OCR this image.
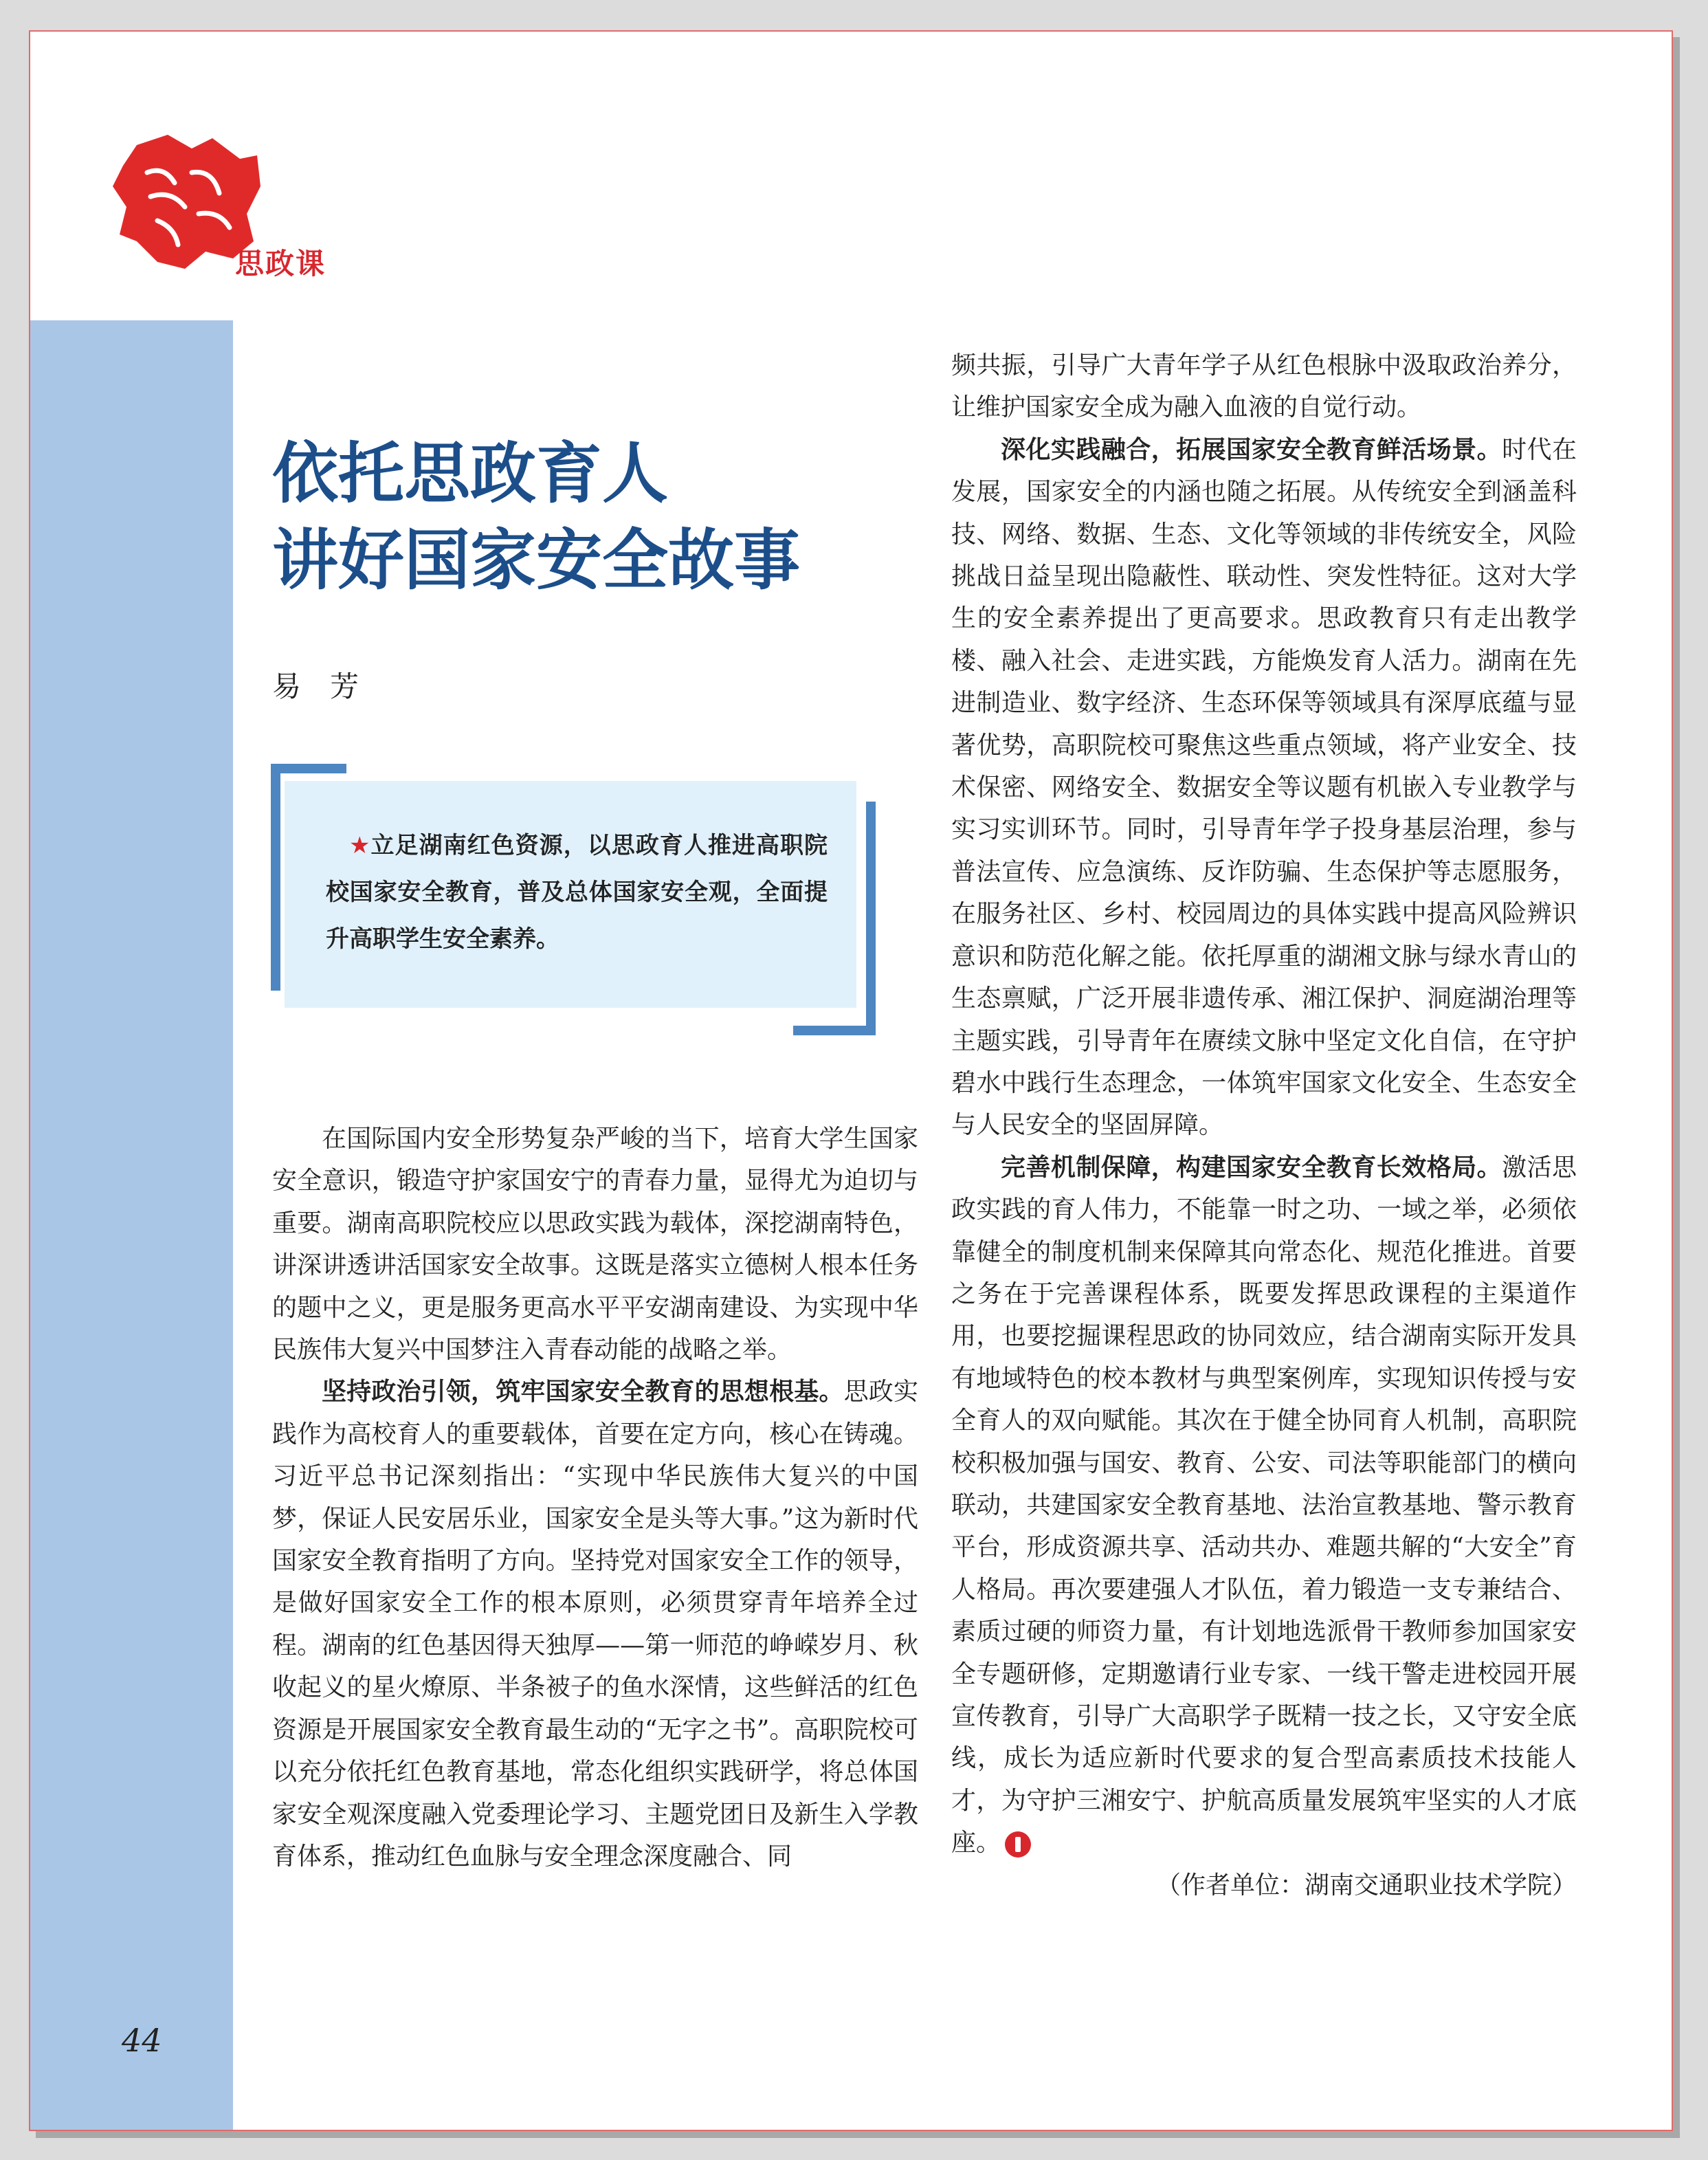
思政课
依托思政育人
讲好国家安全故事
易芳

★立足湖南红色资源，以思政育人推进高职院校国家安全教育，普及总体国家安全观，全面提升高职学生安全素养。

在国际国内安全形势复杂严峻的当下，培育大学生国家安全意识，锻造守护家国安宁的青春力量，显得尤为迫切与重要。湖南高职院校应以思政实践为载体，深挖湖南特色，讲深讲透讲活国家安全故事。这既是落实立德树人根本任务的题中之义，更是服务更高水平平安湖南建设、为实现中华民族伟大复兴中国梦注入青春动能的战略之举。

坚持政治引领，筑牢国家安全教育的思想根基。思政实践作为高校育人的重要载体，首要在定方向，核心在铸魂。习近平总书记深刻指出：“实现中华民族伟大复兴的中国梦，保证人民安居乐业，国家安全是头等大事。”这为新时代国家安全教育指明了方向。坚持党对国家安全工作的领导，是做好国家安全工作的根本原则，必须贯穿青年培养全过程。湖南的红色基因得天独厚——第一师范的峥嵘岁月、秋收起义的星火燎原、半条被子的鱼水深情，这些鲜活的红色资源是开展国家安全教育最生动的“无字之书”。高职院校可以充分依托红色教育基地，常态化组织实践研学，将总体国家安全观深度融入党委理论学习、主题党团日及新生入学教育体系，推动红色血脉与安全理念深度融合、同

频共振，引导广大青年学子从红色根脉中汲取政治养分，让维护国家安全成为融入血液的自觉行动。

深化实践融合，拓展国家安全教育鲜活场景。时代在发展，国家安全的内涵也随之拓展。从传统安全到涵盖科技、网络、数据、生态、文化等领域的非传统安全，风险挑战日益呈现出隐蔽性、联动性、突发性特征。这对大学生的安全素养提出了更高要求。思政教育只有走出教学楼、融入社会、走进实践，方能焕发育人活力。湖南在先进制造业、数字经济、生态环保等领域具有深厚底蕴与显著优势，高职院校可聚焦这些重点领域，将产业安全、技术保密、网络安全、数据安全等议题有机嵌入专业教学与实习实训环节。同时，引导青年学子投身基层治理，参与普法宣传、应急演练、反诈防骗、生态保护等志愿服务，在服务社区、乡村、校园周边的具体实践中提高风险辨识意识和防范化解之能。依托厚重的湖湘文脉与绿水青山的生态禀赋，广泛开展非遗传承、湘江保护、洞庭湖治理等主题实践，引导青年在赓续文脉中坚定文化自信，在守护碧水中践行生态理念，一体筑牢国家文化安全、生态安全与人民安全的坚固屏障。

完善机制保障，构建国家安全教育长效格局。激活思政实践的育人伟力，不能靠一时之功、一域之举，必须依靠健全的制度机制来保障其向常态化、规范化推进。首要之务在于完善课程体系，既要发挥思政课程的主渠道作用，也要挖掘课程思政的协同效应，结合湖南实际开发具有地域特色的校本教材与典型案例库，实现知识传授与安全育人的双向赋能。其次在于健全协同育人机制，高职院校积极加强与国安、教育、公安、司法等职能部门的横向联动，共建国家安全教育基地、法治宣教基地、警示教育平台，形成资源共享、活动共办、难题共解的“大安全”育人格局。再次要建强人才队伍，着力锻造一支专兼结合、素质过硬的师资力量，有计划地选派骨干教师参加国家安全专题研修，定期邀请行业专家、一线干警走进校园开展宣传教育，引导广大高职学子既精一技之长，又守安全底线，成长为适应新时代要求的复合型高素质技术技能人才，为守护三湘安宁、护航高质量发展筑牢坚实的人才底座。

（作者单位：湖南交通职业技术学院）

44
